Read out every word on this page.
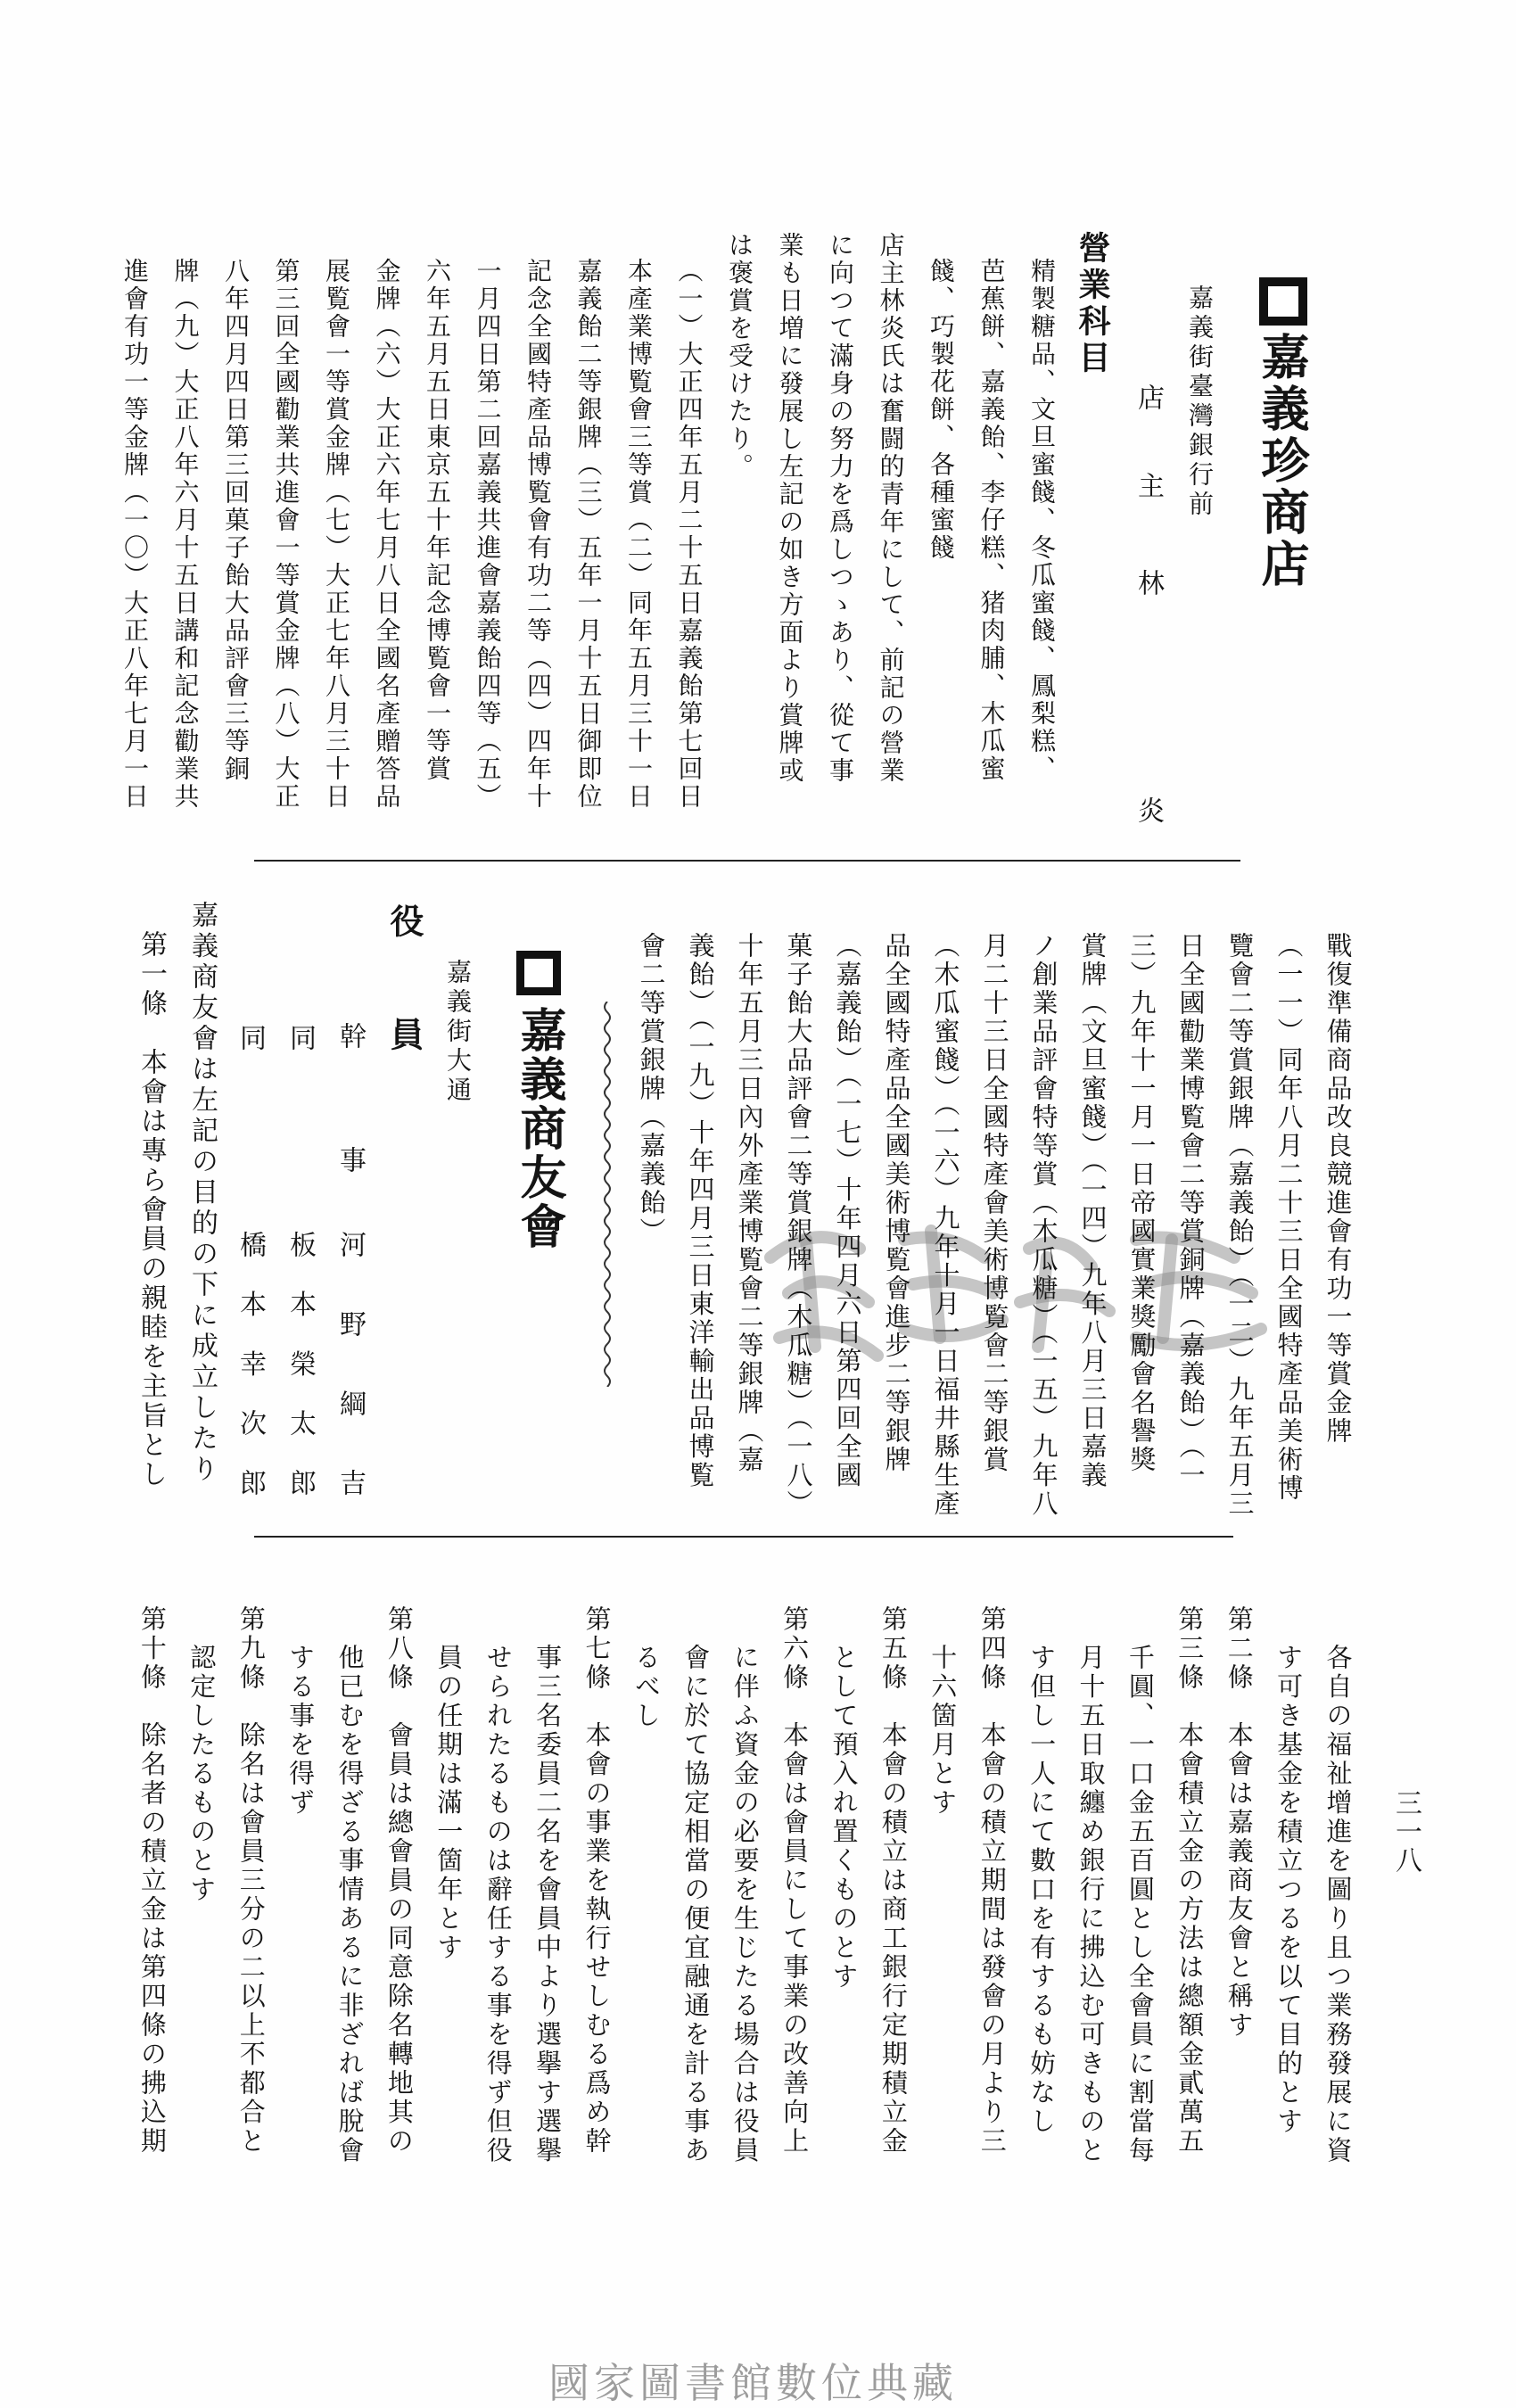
嘉義珍商店
嘉義街臺灣銀行前
店主
林炎
營業科目
嘉義商友會
嘉義街大通
役員
幹事
河野綱吉
同
板本榮太郎
同
橋本幸次郎
嘉義商友會は左記の目的の下に成立したり
第一條　本會は專ら會員の親睦を主旨とし
三一八
國家圖書館數位典藏
精製糖品、文旦蜜餞、冬瓜蜜餞、鳳梨糕、
芭蕉餅、嘉義飴、李仔糕、猪肉脯、木瓜蜜
餞、巧製花餅、各種蜜餞
店主林炎氏は奮闘的青年にして、前記の營業
に向つて滿身の努力を爲しつゝあり、從て事
業も日増に發展し左記の如き方面より賞牌或
は褒賞を受けたり。
（一）大正四年五月二十五日嘉義飴第七回日
本產業博覧會三等賞（二）同年五月三十一日
嘉義飴二等銀牌（三）五年一月十五日御即位
記念全國特產品博覧會有功二等（四）四年十
一月四日第二回嘉義共進會嘉義飴四等（五）
六年五月五日東京五十年記念博覧會一等賞
金牌（六）大正六年七月八日全國名產贈答品
展覧會一等賞金牌（七）大正七年八月三十日
第三回全國勸業共進會一等賞金牌（八）大正
八年四月四日第三回菓子飴大品評會三等銅
牌（九）大正八年六月十五日講和記念勸業共
進會有功一等金牌（一〇）大正八年七月一日
戰復準備商品改良競進會有功一等賞金牌
（一一）同年八月二十三日全國特產品美術博
覽會二等賞銀牌（嘉義飴）（一二）九年五月三
日全國勸業博覧會二等賞銅牌（嘉義飴）（一
三）九年十一月一日帝國實業獎勵會名譽獎
賞牌（文旦蜜餞）（一四）九年八月三日嘉義
ノ創業品評會特等賞（木瓜糖）（一五）九年八
月二十三日全國特產會美術博覧會二等銀賞
（木瓜蜜餞）（一六）九年十月一日福井縣生產
品全國特產品全國美術博覧會進步二等銀牌
（嘉義飴）（一七）十年四月六日第四回全國
菓子飴大品評會二等賞銀牌（木瓜糖）（一八）
十年五月三日內外產業博覧會二等銀牌（嘉
義飴）（一九）十年四月三日東洋輸出品博覧
會二等賞銀牌（嘉義飴）
各自の福祉增進を圖り且つ業務發展に資
す可き基金を積立つるを以て目的とす
第二條　本會は嘉義商友會と稱す
第三條　本會積立金の方法は總額金貳萬五
千圓、一口金五百圓とし全會員に割當每
月十五日取纏め銀行に拂込む可きものと
す但し一人にて數口を有するも妨なし
第四條　本會の積立期間は發會の月より三
十六箇月とす
第五條　本會の積立は商工銀行定期積立金
として預入れ置くものとす
第六條　本會は會員にして事業の改善向上
に伴ふ資金の必要を生じたる場合は役員
會に於て協定相當の便宜融通を計る事あ
るべし
第七條　本會の事業を執行せしむる爲め幹
事三名委員二名を會員中より選擧す選擧
せられたるものは辭任する事を得ず但役
員の任期は滿一箇年とす
第八條　會員は總會員の同意除名轉地其の
他已むを得ざる事情あるに非ざれば脫會
する事を得ず
第九條　除名は會員三分の二以上不都合と
認定したるものとす
第十條　除名者の積立金は第四條の拂込期
